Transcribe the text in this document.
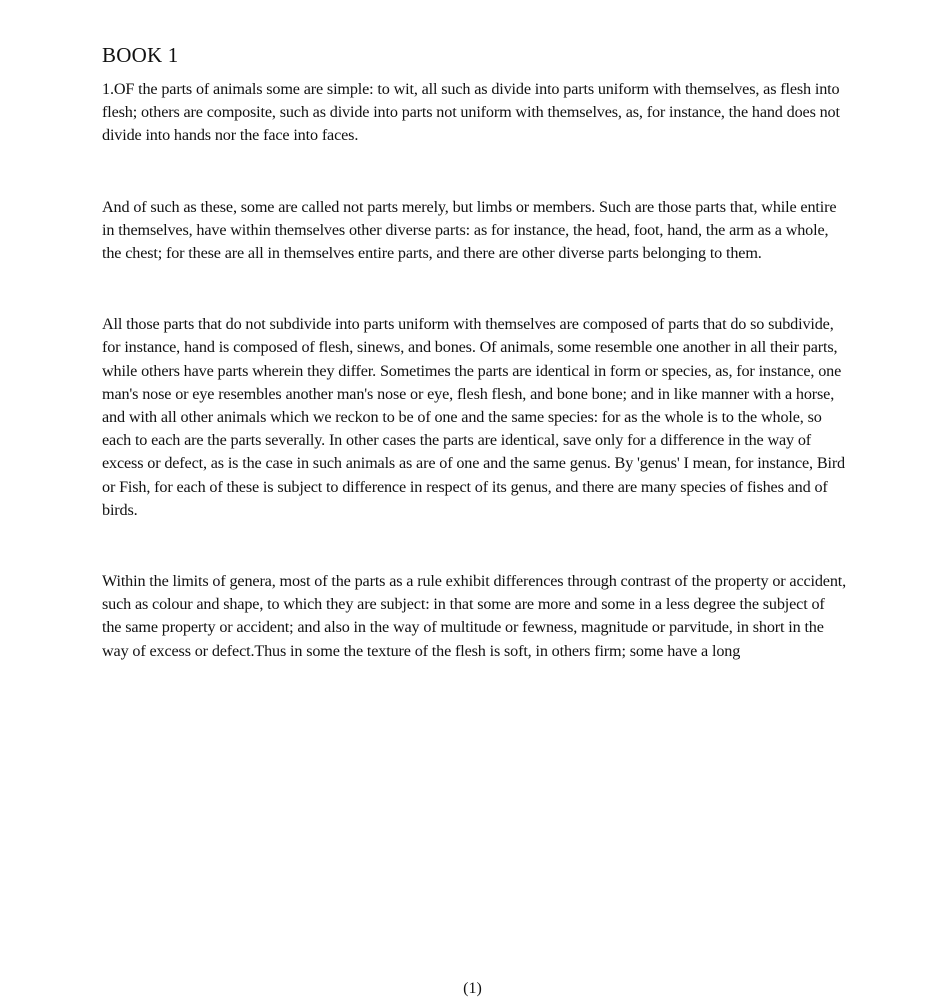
BOOK 1

1.OF the parts of animals some are simple: to wit, all such as divide into parts uniform with themselves, as flesh into flesh; others are composite, such as divide into parts not uniform with themselves, as, for instance, the hand does not divide into hands nor the face into faces.

And of such as these, some are called not parts merely, but limbs or members. Such are those parts that, while entire in themselves, have within themselves other diverse parts: as for instance, the head, foot, hand, the arm as a whole, the chest; for these are all in themselves entire parts, and there are other diverse parts belonging to them.

All those parts that do not subdivide into parts uniform with themselves are composed of parts that do so subdivide, for instance, hand is composed of flesh, sinews, and bones. Of animals, some resemble one another in all their parts, while others have parts wherein they differ. Sometimes the parts are identical in form or species, as, for instance, one man's nose or eye resembles another man's nose or eye, flesh flesh, and bone bone; and in like manner with a horse, and with all other animals which we reckon to be of one and the same species: for as the whole is to the whole, so each to each are the parts severally. In other cases the parts are identical, save only for a difference in the way of excess or defect, as is the case in such animals as are of one and the same genus. By 'genus' I mean, for instance, Bird or Fish, for each of these is subject to difference in respect of its genus, and there are many species of fishes and of birds.

Within the limits of genera, most of the parts as a rule exhibit differences through contrast of the property or accident, such as colour and shape, to which they are subject: in that some are more and some in a less degree the subject of the same property or accident; and also in the way of multitude or fewness, magnitude or parvitude, in short in the way of excess or defect.Thus in some the texture of the flesh is soft, in others firm; some have a long

(1)
